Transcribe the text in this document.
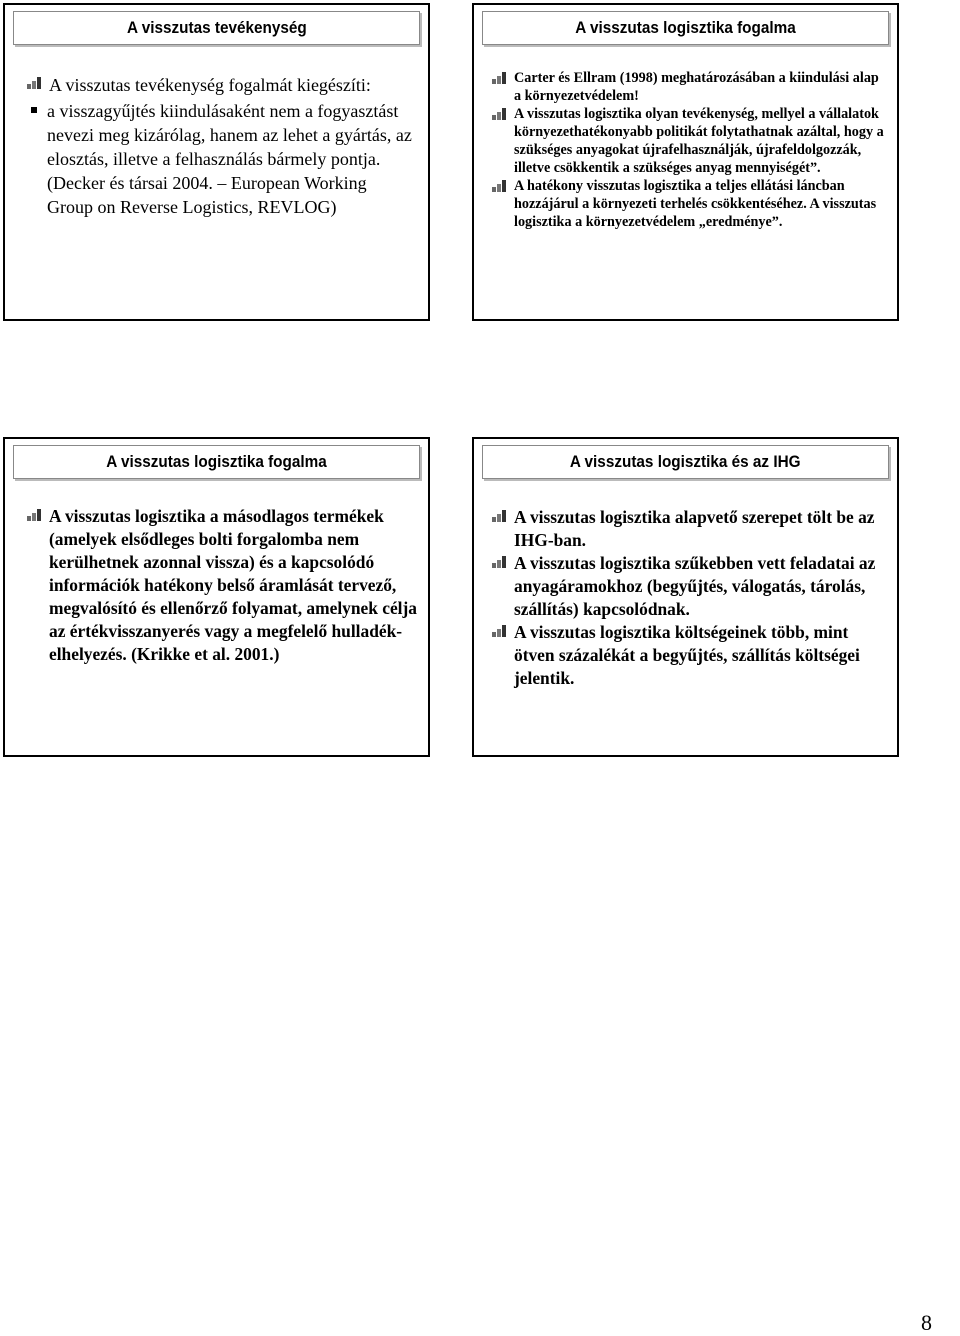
A visszutas tevékenység
A visszutas tevékenység fogalmát kiegészíti:
a visszagyűjtés kiindulásaként nem a fogyasztást nevezi meg kizárólag, hanem az lehet a gyártás, az elosztás, illetve a felhasználás bármely pontja.
(Decker és társai 2004. – European Working Group on Reverse Logistics, REVLOG)
A visszutas logisztika fogalma
Carter és Ellram (1998) meghatározásában a kiindulási alap a környezetvédelem!
A visszutas logisztika olyan tevékenység, mellyel a vállalatok környezethatékonyabb politikát folytathatnak azáltal, hogy a szükséges anyagokat újrafelhasználják, újrafeldolgozzák, illetve csökkentik a szükséges anyag mennyiségét”.
A hatékony visszutas logisztika a teljes ellátási láncban hozzájárul a környezeti terhelés csökkentéséhez. A visszutas logisztika a környezetvédelem „eredménye”.
A visszutas logisztika fogalma
A visszutas logisztika a másodlagos termékek (amelyek elsődleges bolti forgalomba nem kerülhetnek azonnal vissza) és a kapcsolódó információk hatékony belső áramlását tervező, megvalósító és ellenőrző folyamat, amelynek célja az értékvisszanyerés vagy a megfelelő hulladék-elhelyezés. (Krikke et al. 2001.)
A visszutas logisztika és az IHG
A visszutas logisztika alapvető szerepet tölt be az IHG-ban.
A visszutas logisztika szűkebben vett feladatai az anyagáramokhoz (begyűjtés, válogatás, tárolás, szállítás) kapcsolódnak.
A visszutas logisztika költségeinek több, mint ötven százalékát a begyűjtés, szállítás költségei jelentik.
8
